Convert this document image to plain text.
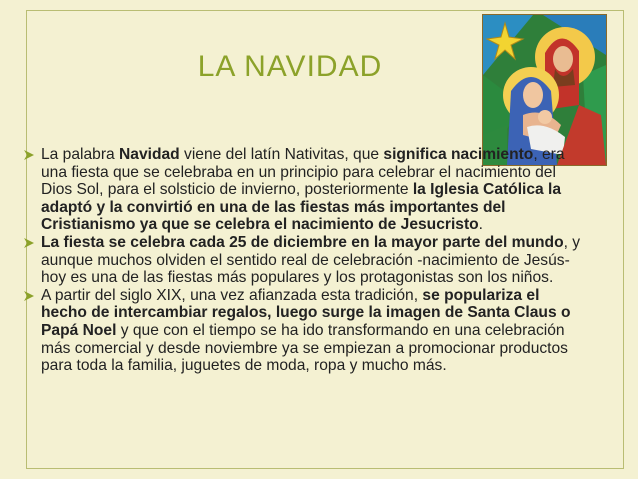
LA NAVIDAD
La palabra Navidad viene del latín Nativitas, que significa nacimiento, era una fiesta que se celebraba en un principio para celebrar el nacimiento del Dios Sol, para el solsticio de invierno, posteriormente la Iglesia Católica la adaptó y la convirtió en una de las fiestas más importantes del Cristianismo ya que se celebra el nacimiento de Jesucristo.
La fiesta se celebra cada 25 de diciembre en la mayor parte del mundo, y aunque muchos olviden el sentido real de celebración -nacimiento de Jesús- hoy es una de las fiestas más populares y los protagonistas son los niños.
A partir del siglo XIX, una vez afianzada esta tradición, se populariza el hecho de intercambiar regalos, luego surge la imagen de Santa Claus o Papá Noel y que con el tiempo se ha ido transformando en una celebración más comercial y desde noviembre ya se empiezan a promocionar productos para toda la familia, juguetes de moda, ropa y mucho más.
